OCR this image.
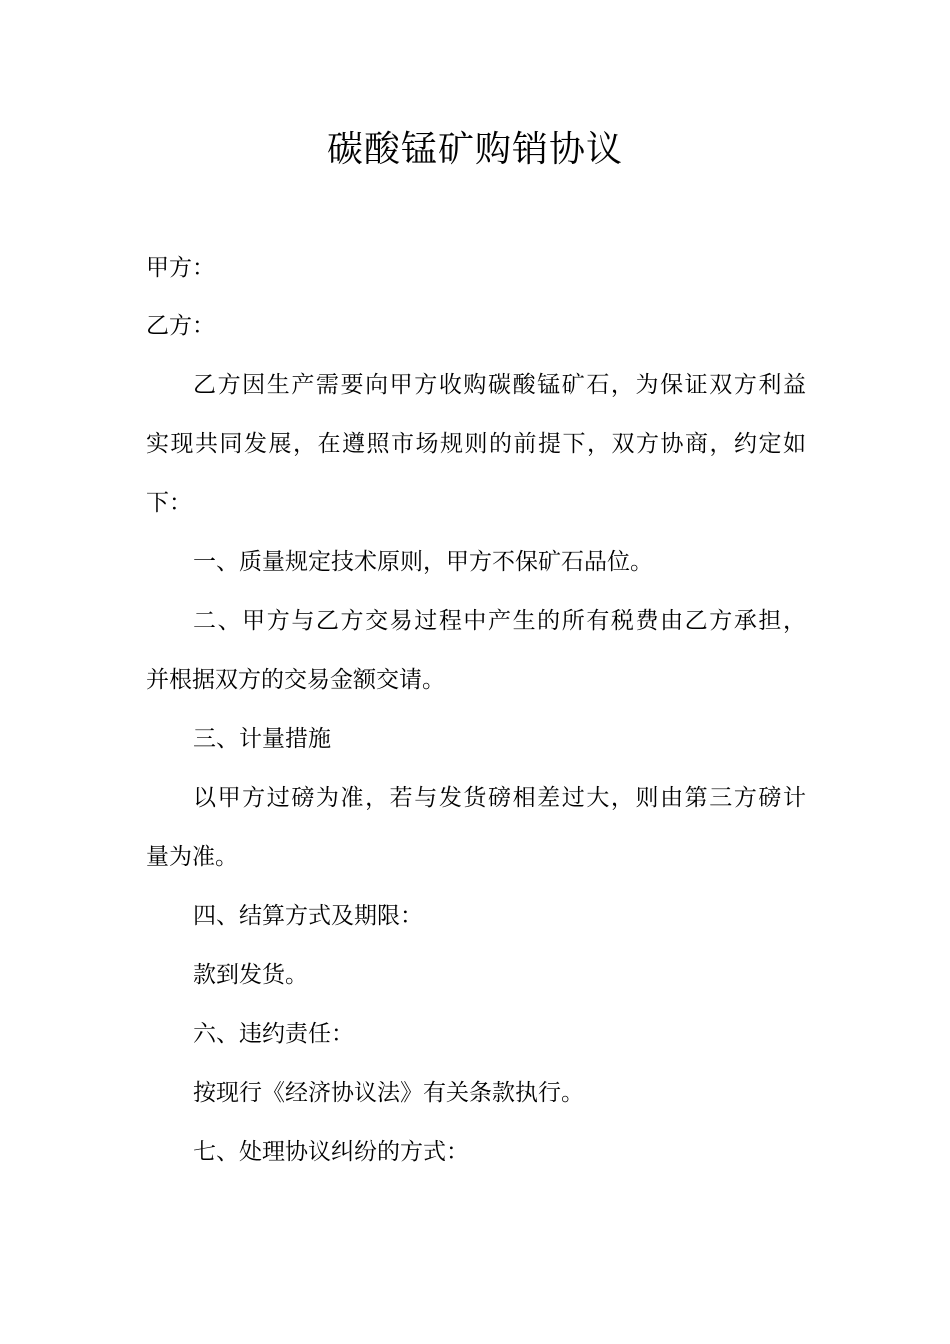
碳酸锰矿购销协议

甲方：

乙方：

乙方因生产需要向甲方收购碳酸锰矿石，为保证双方利益

实现共同发展，在遵照市场规则的前提下，双方协商，约定如

下：

一、质量规定技术原则，甲方不保矿石品位。

二、甲方与乙方交易过程中产生的所有税费由乙方承担，

并根据双方的交易金额交请。

三、计量措施

以甲方过磅为准，若与发货磅相差过大，则由第三方磅计

量为准。

四、结算方式及期限：

款到发货。

六、违约责任：

按现行《经济协议法》有关条款执行。

七、处理协议纠纷的方式：
